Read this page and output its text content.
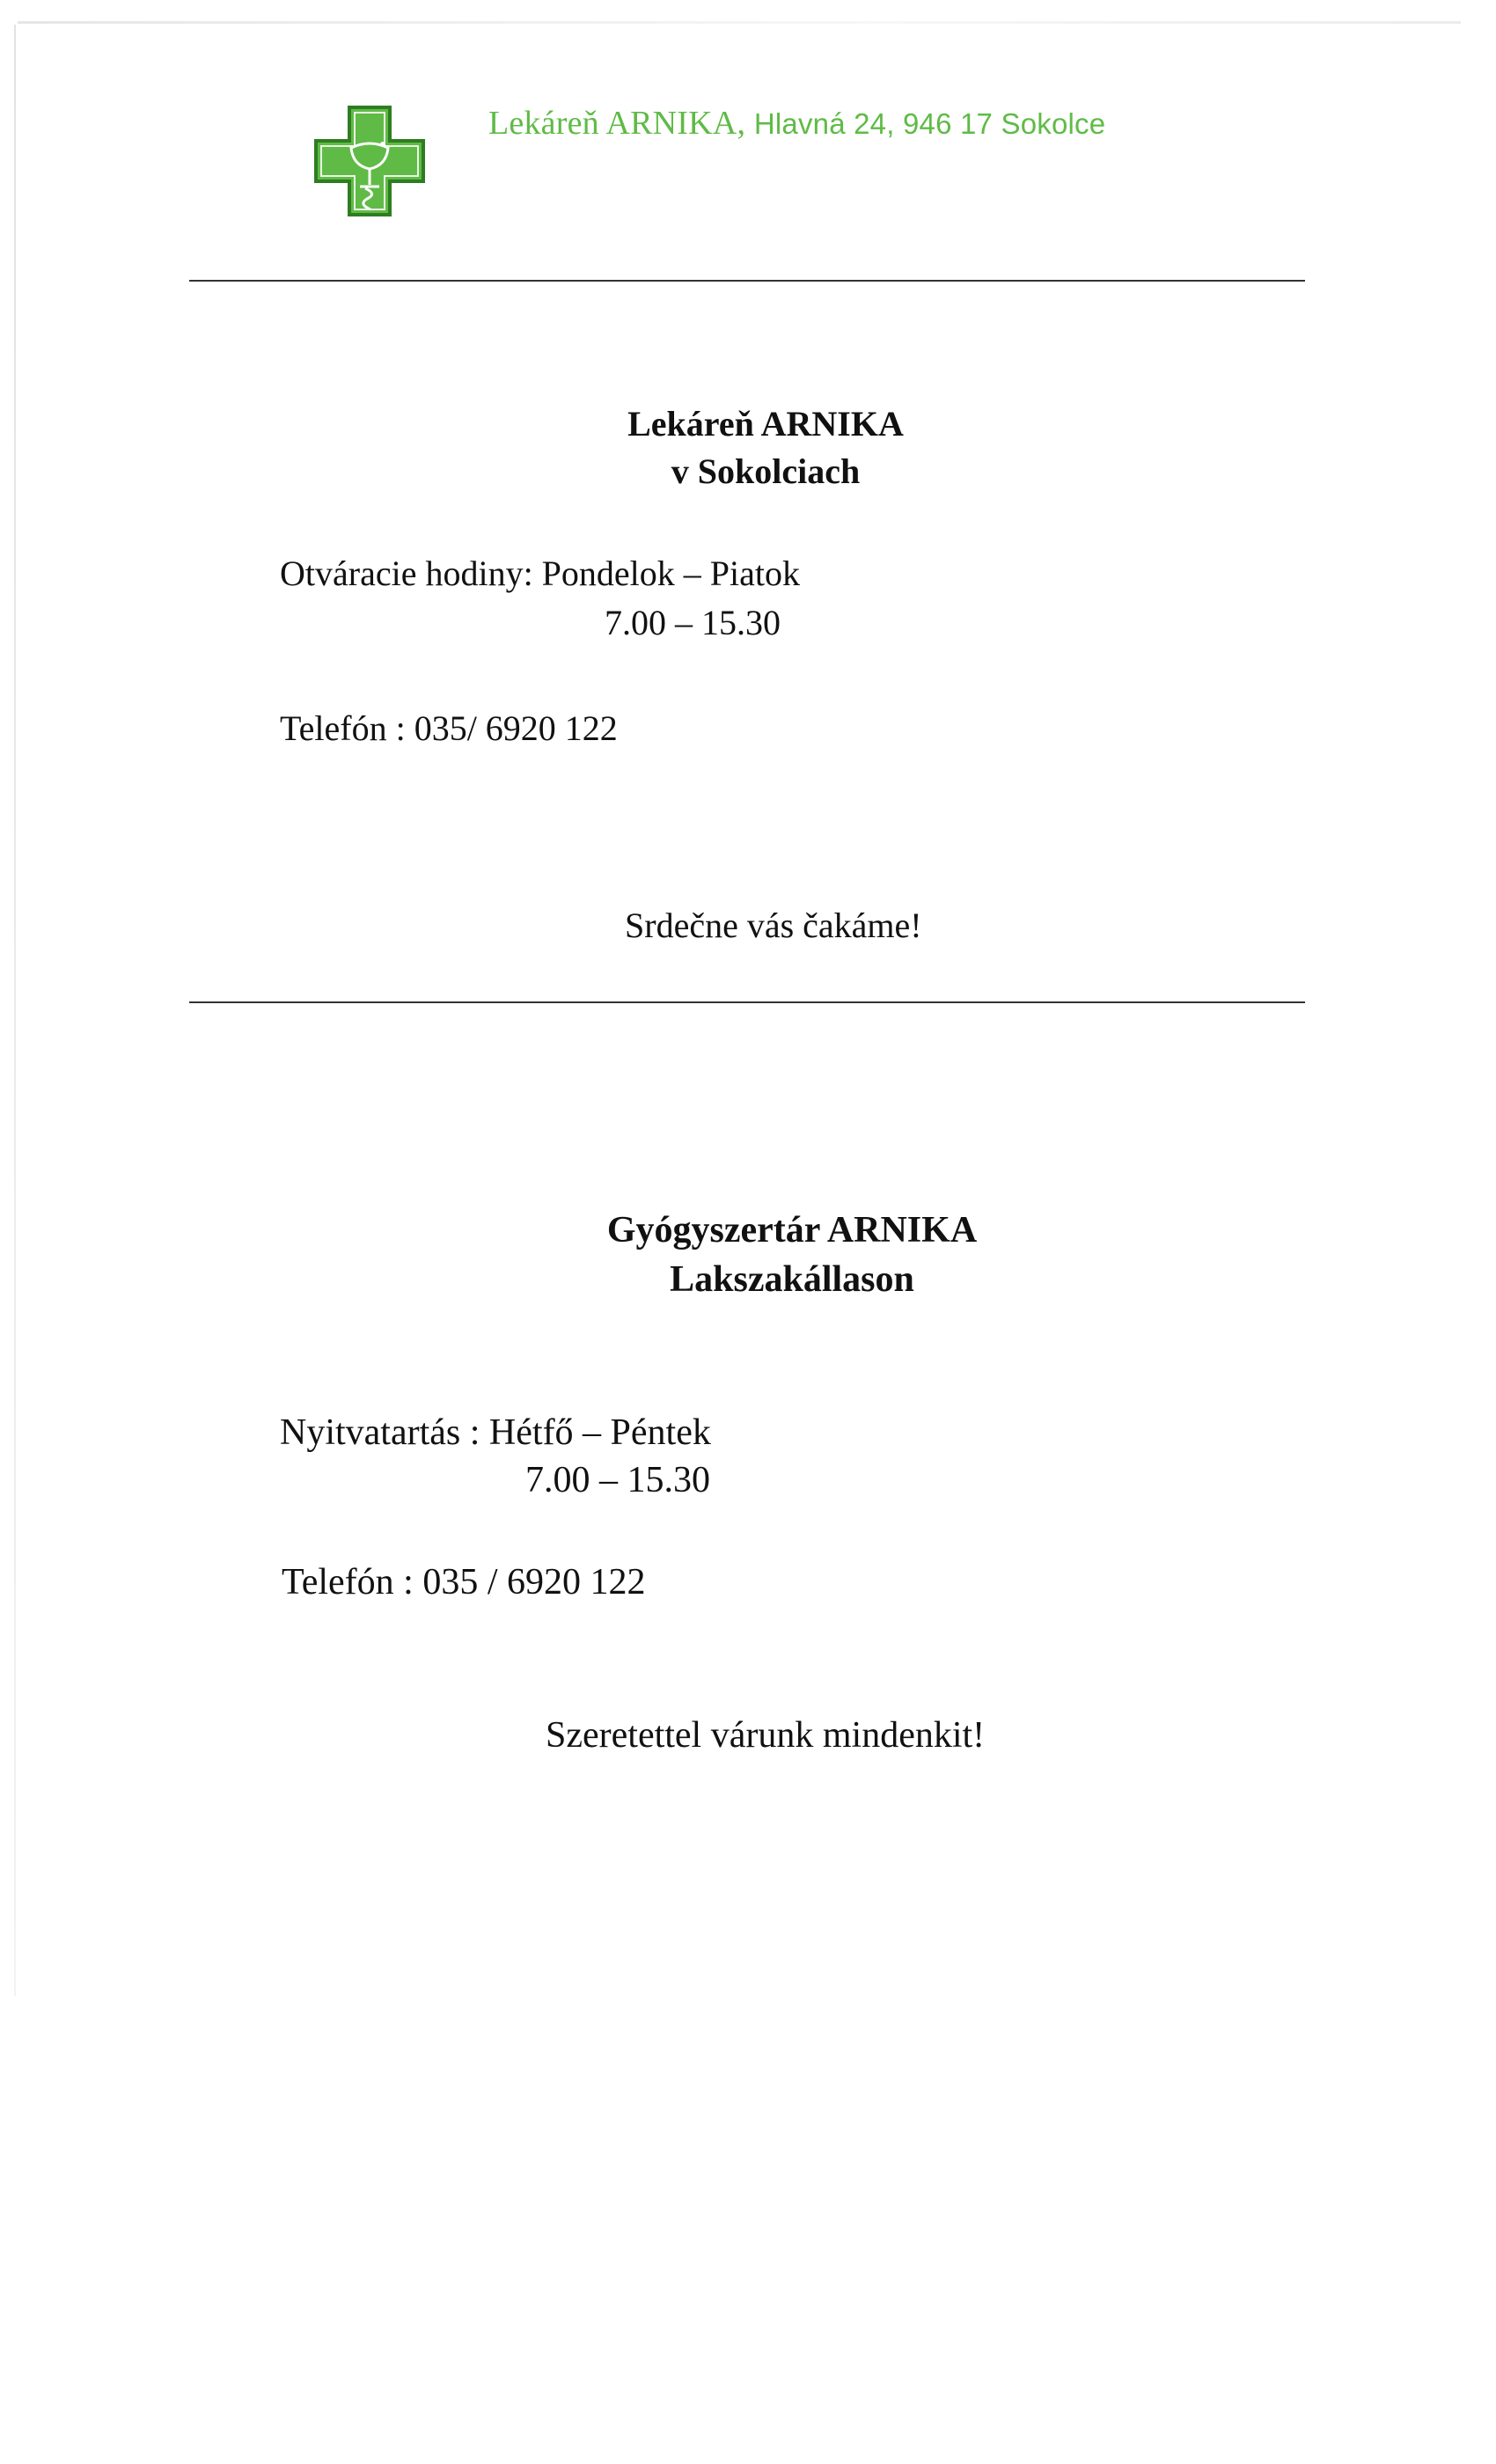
Lekáreň ARNIKA, Hlavná 24, 946 17 Sokolce
Lekáreň ARNIKA
v Sokolciach
Otváracie hodiny: Pondelok – Piatok
7.00 – 15.30
Telefón : 035/ 6920 122
Srdečne vás čakáme!
Gyógyszertár ARNIKA
Lakszakállason
Nyitvatartás : Hétfő – Péntek
7.00 – 15.30
Telefón : 035 / 6920 122
Szeretettel várunk mindenkit!
